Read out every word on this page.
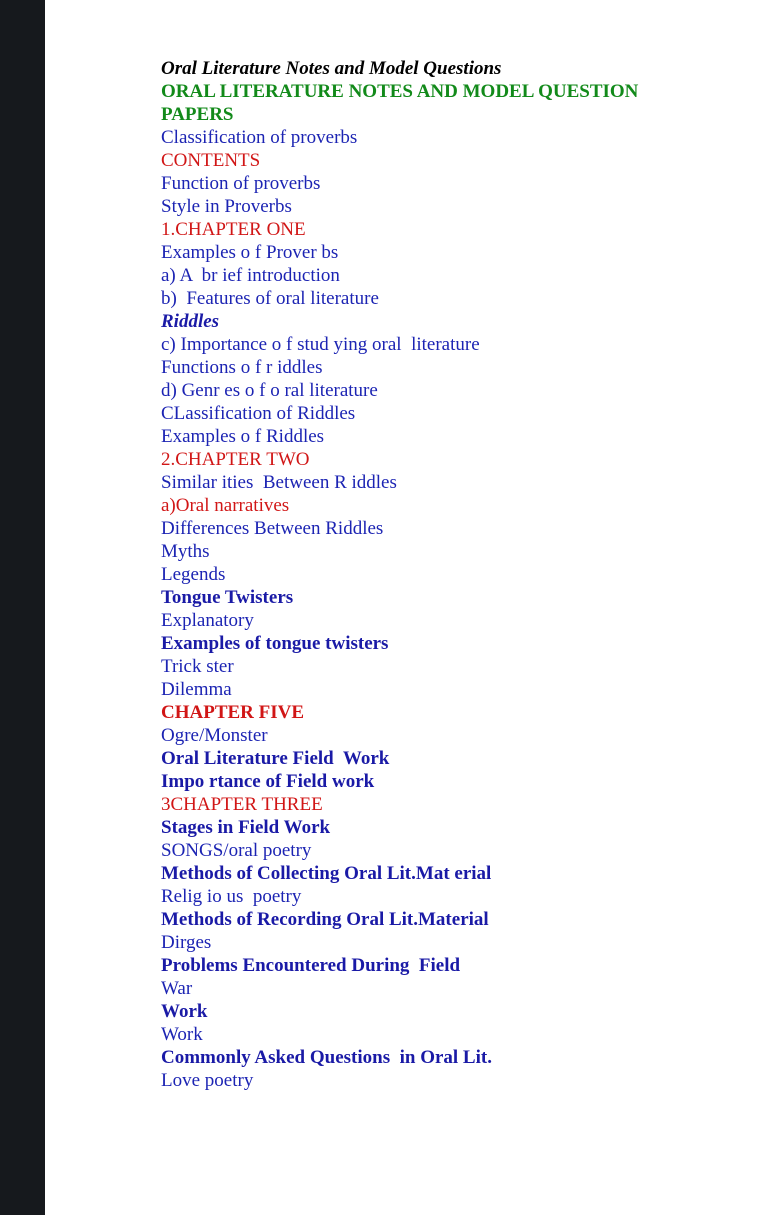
Oral Literature Notes and Model Questions
ORAL LITERATURE NOTES AND MODEL QUESTION PAPERS
Classification of proverbs
CONTENTS
Function of proverbs
Style in Proverbs
1.CHAPTER ONE
Examples o f Prover bs
a) A  br ief introduction
b)  Features of oral literature
Riddles
c) Importance o f stud ying oral  literature
Functions o f r iddles
d) Genr es o f o ral literature
CLassification of Riddles
Examples o f Riddles
2.CHAPTER TWO
Similar ities  Between R iddles
a)Oral narratives
Differences Between Riddles
Myths
Legends
Tongue Twisters
Explanatory
Examples of tongue twisters
Trick ster
Dilemma
CHAPTER FIVE
Ogre/Monster
Oral Literature Field  Work
Impo rtance of Field work
3CHAPTER THREE
Stages in Field Work
SONGS/oral poetry
Methods of Collecting Oral Lit.Mat erial
Relig io us  poetry
Methods of Recording Oral Lit.Material
Dirges
Problems Encountered During  Field
War
Work
Work
Commonly Asked Questions  in Oral Lit.
Love poetry
